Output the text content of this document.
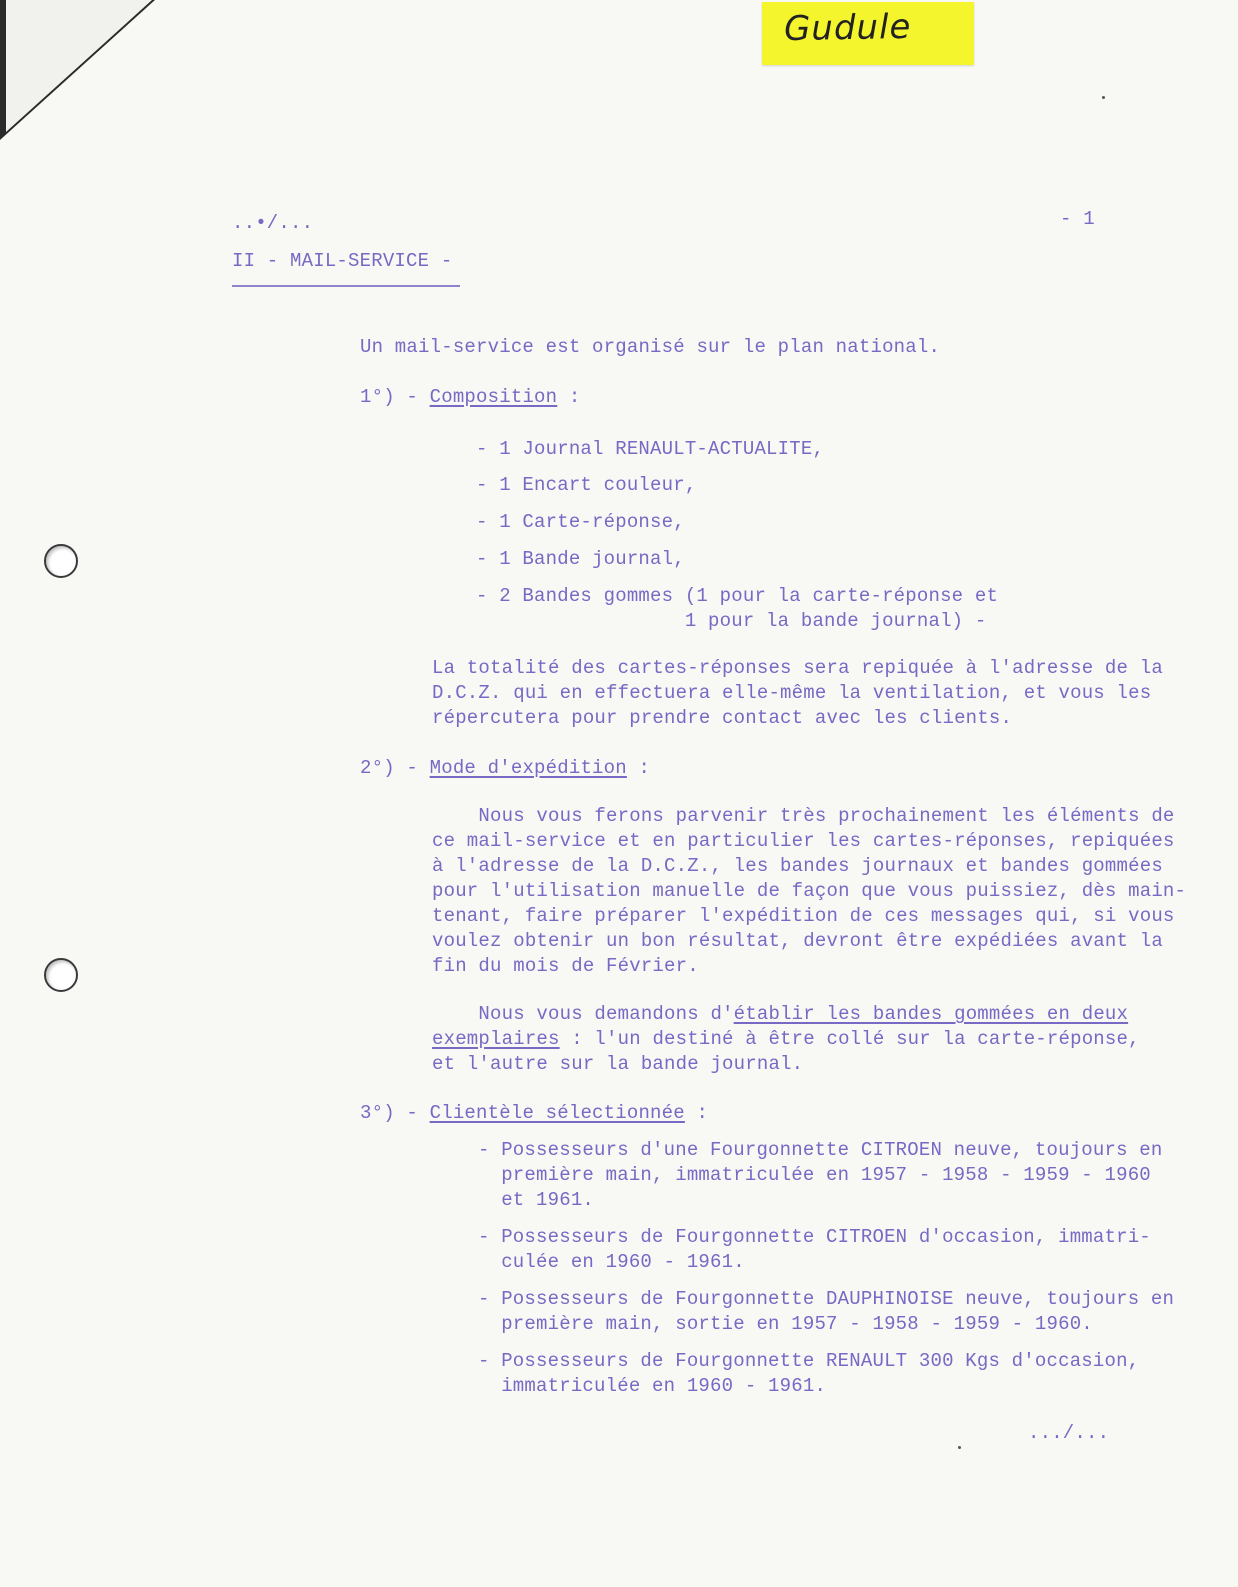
Gudule
..•/...	- 1
II - MAIL-SERVICE -
Un mail-service est organisé sur le plan national.
1°) - Composition :
- 1 Journal RENAULT-ACTUALITE,
- 1 Encart couleur,
- 1 Carte-réponse,
- 1 Bande journal,
- 2 Bandes gommes (1 pour la carte-réponse et
1 pour la bande journal) -
La totalité des cartes-réponses sera repiquée à l'adresse de la
D.C.Z. qui en effectuera elle-même la ventilation, et vous les
répercutera pour prendre contact avec les clients.
2°) - Mode d'expédition :
Nous vous ferons parvenir très prochainement les éléments de
ce mail-service et en particulier les cartes-réponses, repiquées
à l'adresse de la D.C.Z., les bandes journaux et bandes gommées
pour l'utilisation manuelle de façon que vous puissiez, dès main-
tenant, faire préparer l'expédition de ces messages qui, si vous
voulez obtenir un bon résultat, devront être expédiées avant la
fin du mois de Février.
Nous vous demandons d'établir les bandes gommées en deux
exemplaires : l'un destiné à être collé sur la carte-réponse,
et l'autre sur la bande journal.
3°) - Clientèle sélectionnée :
- Possesseurs d'une Fourgonnette CITROEN neuve, toujours en
première main, immatriculée en 1957 - 1958 - 1959 - 1960
et 1961.
- Possesseurs de Fourgonnette CITROEN d'occasion, immatri-
culée en 1960 - 1961.
- Possesseurs de Fourgonnette DAUPHINOISE neuve, toujours en
première main, sortie en 1957 - 1958 - 1959 - 1960.
- Possesseurs de Fourgonnette RENAULT 300 Kgs d'occasion,
immatriculée en 1960 - 1961.
.../...
